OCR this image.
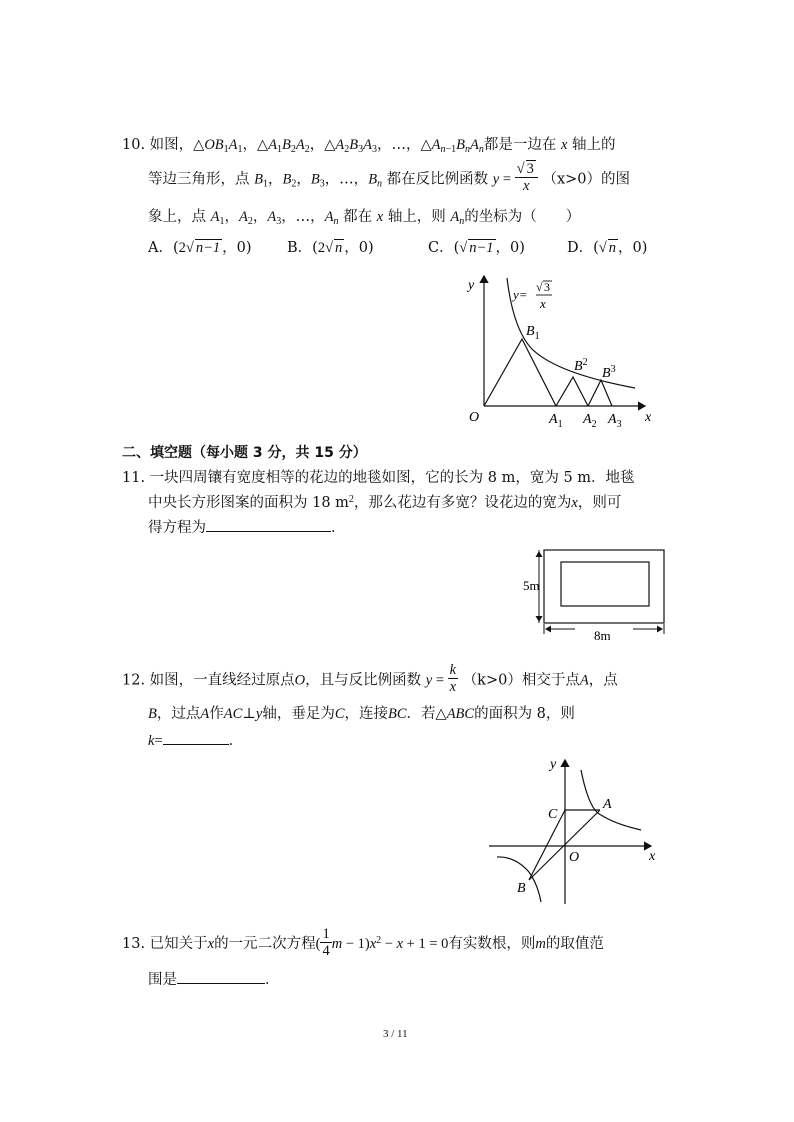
10. 如图，$\triangle OB_1A_1$，$\triangle A_1B_2A_2$，$\triangle A_2B_3A_3$，…，$\triangle A_{n-1}B_nA_n$都是一边在 x 轴上的
等边三角形，点 $B_1$，$B_2$，$B_3$，…，$B_n$ 都在反比例函数 $y = \frac{√ 3}{x} (x>0)$的图
象上，点 $A_1$，$A_2$，$A_3$，…，$A_n$ 都在 x 轴上，则 $A_n$的坐标为（　　）
A．(2√ n−1 ，0) B．(2√ n ，0)	C．(√ n−1 ，0)	D．(√ n ，0)
y
x
O
y= √ 3
x
$B_1$
$B^2$
$B^3$
$A_1$ $A_2$ $A_3$
二、填空题（每小题 3 分，共 15 分）
11. 一块四周镶有宽度相等的花边的地毯如图，它的长为 8 m，宽为 5 m．地毯
中央长方形图案的面积为 18 $m^2$，那么花边有多宽？设花边的宽为x，则可
得方程为	．
5m
8m
12. 如图，一直线经过原点O，且与反比例函数 $y = \frac{k}{x} (k>0)$相交于点A，点
B，过点A作AC⊥y轴，垂足为C，连接BC．若△ABC的面积为 8，则
k=	．
y
x
O
A
B
C
13. 已知关于x的一元二次方程( $\frac{1}{4}$ $m - 1)x^2 - x + 1 = 0$有实数根，则m的取值范
围是	．
3 / 11
